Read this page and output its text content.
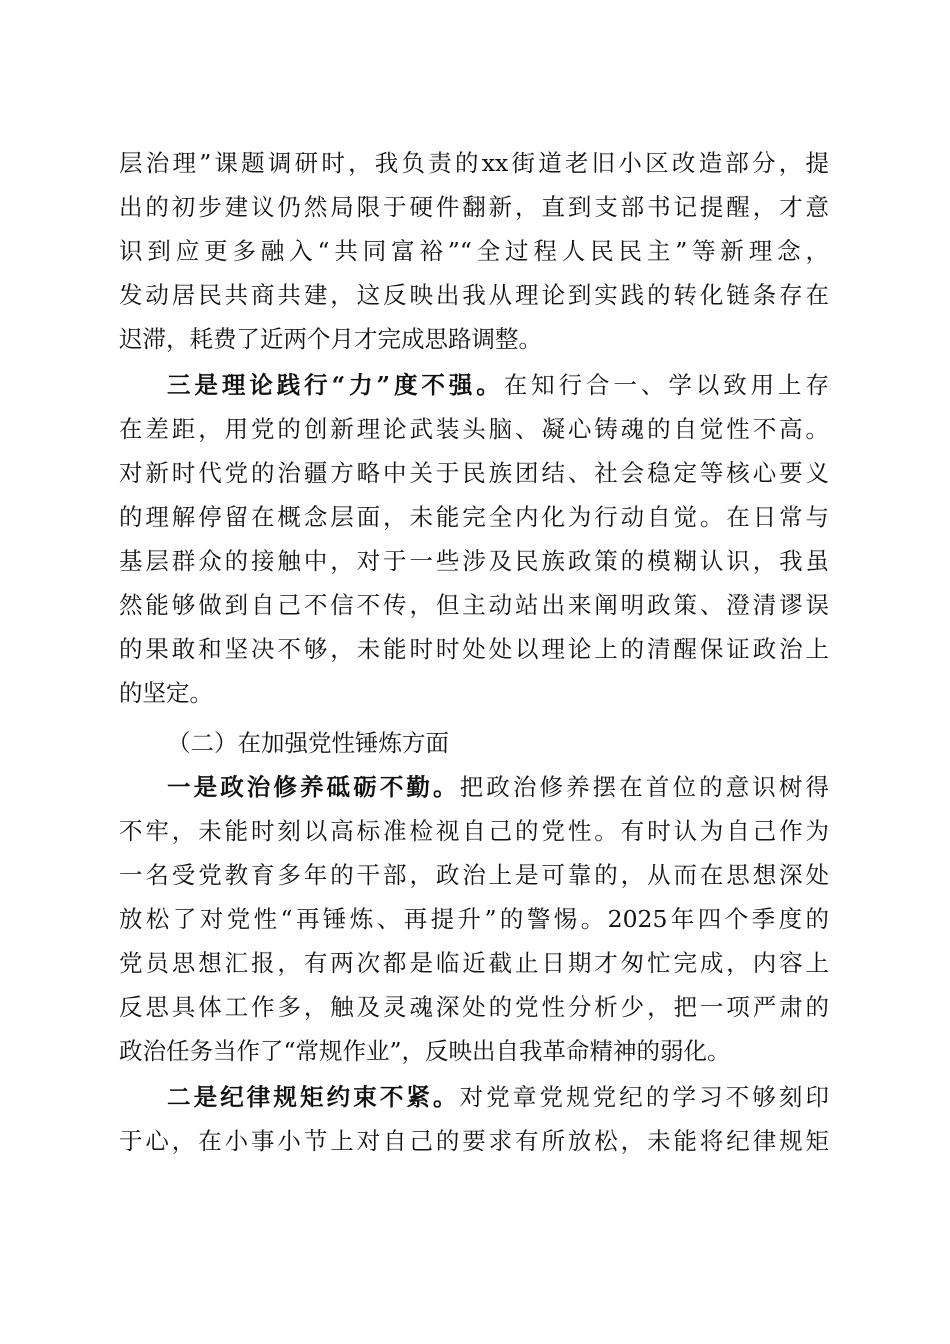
层治理”课题调研时，我负责的xx街道老旧小区改造部分，提
出的初步建议仍然局限于硬件翻新，直到支部书记提醒，才意
识到应更多融入“共同富裕”“全过程人民民主”等新理念，
发动居民共商共建，这反映出我从理论到实践的转化链条存在
迟滞，耗费了近两个月才完成思路调整。
三是理论践行“力”度不强。在知行合一、学以致用上存
在差距，用党的创新理论武装头脑、凝心铸魂的自觉性不高。
对新时代党的治疆方略中关于民族团结、社会稳定等核心要义
的理解停留在概念层面，未能完全内化为行动自觉。在日常与
基层群众的接触中，对于一些涉及民族政策的模糊认识，我虽
然能够做到自己不信不传，但主动站出来阐明政策、澄清谬误
的果敢和坚决不够，未能时时处处以理论上的清醒保证政治上
的坚定。
（二）在加强党性锤炼方面
一是政治修养砥砺不勤。把政治修养摆在首位的意识树得
不牢，未能时刻以高标准检视自己的党性。有时认为自己作为
一名受党教育多年的干部，政治上是可靠的，从而在思想深处
放松了对党性“再锤炼、再提升”的警惕。2025年四个季度的
党员思想汇报，有两次都是临近截止日期才匆忙完成，内容上
反思具体工作多，触及灵魂深处的党性分析少，把一项严肃的
政治任务当作了“常规作业”，反映出自我革命精神的弱化。
二是纪律规矩约束不紧。对党章党规党纪的学习不够刻印
于心，在小事小节上对自己的要求有所放松，未能将纪律规矩
